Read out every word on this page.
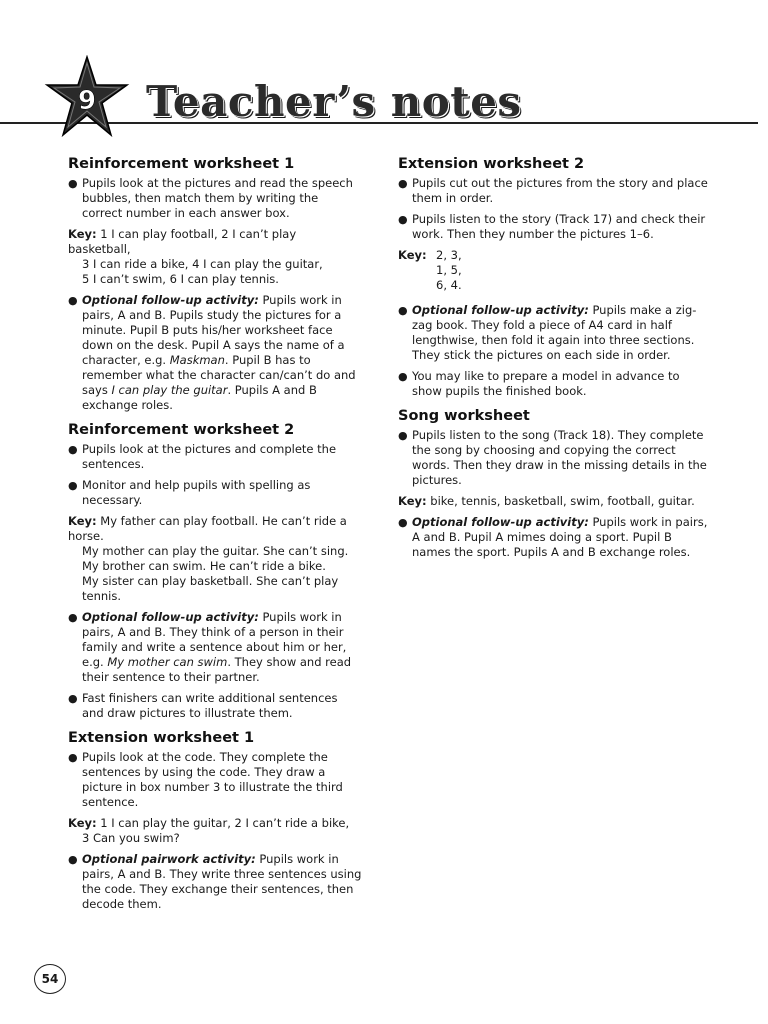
9 Teacher’s notes
Reinforcement worksheet 1
● Pupils look at the pictures and read the speech bubbles, then match them by writing the correct number in each answer box.
Key: 1 I can play football, 2 I can’t play basketball,
3 I can ride a bike, 4 I can play the guitar,
5 I can’t swim, 6 I can play tennis.
● Optional follow-up activity: Pupils work in pairs, A and B. Pupils study the pictures for a minute. Pupil B puts his/her worksheet face down on the desk. Pupil A says the name of a character, e.g. Maskman. Pupil B has to remember what the character can/can’t do and says I can play the guitar. Pupils A and B exchange roles.
Reinforcement worksheet 2
● Pupils look at the pictures and complete the sentences.
● Monitor and help pupils with spelling as necessary.
Key: My father can play football. He can’t ride a horse.
My mother can play the guitar. She can’t sing.
My brother can swim. He can’t ride a bike.
My sister can play basketball. She can’t play tennis.
● Optional follow-up activity: Pupils work in pairs, A and B. They think of a person in their family and write a sentence about him or her, e.g. My mother can swim. They show and read their sentence to their partner.
● Fast finishers can write additional sentences and draw pictures to illustrate them.
Extension worksheet 1
● Pupils look at the code. They complete the sentences by using the code. They draw a picture in box number 3 to illustrate the third sentence.
Key: 1 I can play the guitar, 2 I can’t ride a bike,
3 Can you swim?
● Optional pairwork activity: Pupils work in pairs, A and B. They write three sentences using the code. They exchange their sentences, then decode them.
Extension worksheet 2
● Pupils cut out the pictures from the story and place them in order.
● Pupils listen to the story (Track 17) and check their work. Then they number the pictures 1–6.
Key: 2, 3,
1, 5,
6, 4.
● Optional follow-up activity: Pupils make a zig-zag book. They fold a piece of A4 card in half lengthwise, then fold it again into three sections. They stick the pictures on each side in order.
● You may like to prepare a model in advance to show pupils the finished book.
Song worksheet
● Pupils listen to the song (Track 18). They complete the song by choosing and copying the correct words. Then they draw in the missing details in the pictures.
Key: bike, tennis, basketball, swim, football, guitar.
● Optional follow-up activity: Pupils work in pairs, A and B. Pupil A mimes doing a sport. Pupil B names the sport. Pupils A and B exchange roles.
54
